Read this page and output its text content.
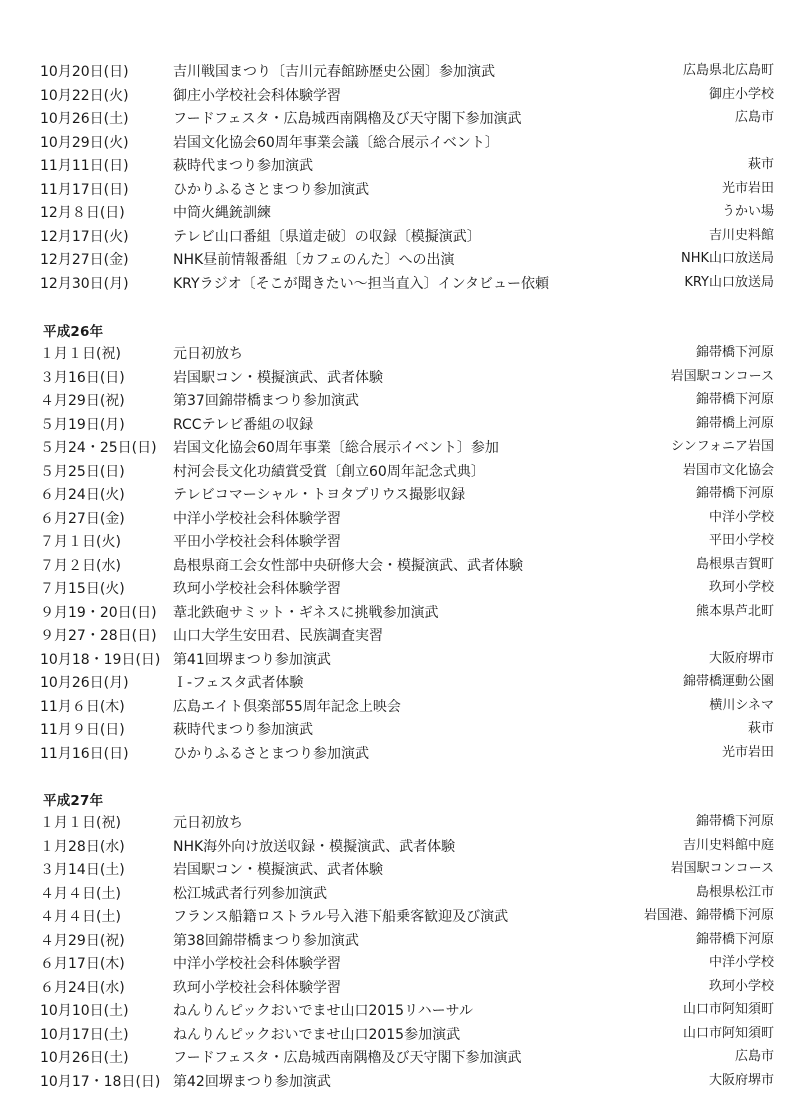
10月20日(日)	吉川戦国まつり〔吉川元春館跡歴史公園〕参加演武	広島県北広島町
10月22日(火)	御庄小学校社会科体験学習	御庄小学校
10月26日(土)	フードフェスタ・広島城西南隅櫓及び天守閣下参加演武	広島市
10月29日(火)	岩国文化協会60周年事業会議〔総合展示イベント〕
11月11日(日)	萩時代まつり参加演武	萩市
11月17日(日)	ひかりふるさとまつり参加演武	光市岩田
12月８日(日)	中筒火縄銃訓練	うかい場
12月17日(火)	テレビ山口番組〔県道走破〕の収録〔模擬演武〕	吉川史料館
12月27日(金)	NHK昼前情報番組〔カフェのんた〕への出演	NHK山口放送局
12月30日(月)	KRYラジオ〔そこが聞きたい〜担当直入〕インタビュー依頼	KRY山口放送局
平成26年
１月１日(祝)	元日初放ち	錦帯橋下河原
３月16日(日)	岩国駅コン・模擬演武、武者体験	岩国駅コンコース
４月29日(祝)	第37回錦帯橋まつり参加演武	錦帯橋下河原
５月19日(月)	RCCテレビ番組の収録	錦帯橋上河原
５月24・25日(日) 岩国文化協会60周年事業〔総合展示イベント〕参加	シンフォニア岩国
５月25日(日)	村河会長文化功績賞受賞〔創立60周年記念式典〕	岩国市文化協会
６月24日(火)	テレビコマーシャル・トヨタプリウス撮影収録	錦帯橋下河原
６月27日(金)	中洋小学校社会科体験学習	中洋小学校
７月１日(火)	平田小学校社会科体験学習	平田小学校
７月２日(水)	島根県商工会女性部中央研修大会・模擬演武、武者体験	島根県吉賀町
７月15日(火)	玖珂小学校社会科体験学習	玖珂小学校
９月19・20日(日) 葦北鉄砲サミット・ギネスに挑戦参加演武	熊本県芦北町
９月27・28日(日) 山口大学生安田君、民族調査実習
10月18・19日(日) 第41回堺まつり参加演武	大阪府堺市
10月26日(月)	Ｉ-フェスタ武者体験	錦帯橋運動公園
11月６日(木)	広島エイト倶楽部55周年記念上映会	横川シネマ
11月９日(日)	萩時代まつり参加演武	萩市
11月16日(日)	ひかりふるさとまつり参加演武	光市岩田
平成27年
１月１日(祝)	元日初放ち	錦帯橋下河原
１月28日(水)	NHK海外向け放送収録・模擬演武、武者体験	吉川史料館中庭
３月14日(土)	岩国駅コン・模擬演武、武者体験	岩国駅コンコース
４月４日(土)	松江城武者行列参加演武	島根県松江市
４月４日(土)	フランス船籍ロストラル号入港下船乗客歓迎及び演武	岩国港、錦帯橋下河原
４月29日(祝)	第38回錦帯橋まつり参加演武	錦帯橋下河原
６月17日(木)	中洋小学校社会科体験学習	中洋小学校
６月24日(水)	玖珂小学校社会科体験学習	玖珂小学校
10月10日(土)	ねんりんピックおいでませ山口2015リハーサル	山口市阿知須町
10月17日(土)	ねんりんピックおいでませ山口2015参加演武	山口市阿知須町
10月26日(土)	フードフェスタ・広島城西南隅櫓及び天守閣下参加演武	広島市
10月17・18日(日) 第42回堺まつり参加演武	大阪府堺市
